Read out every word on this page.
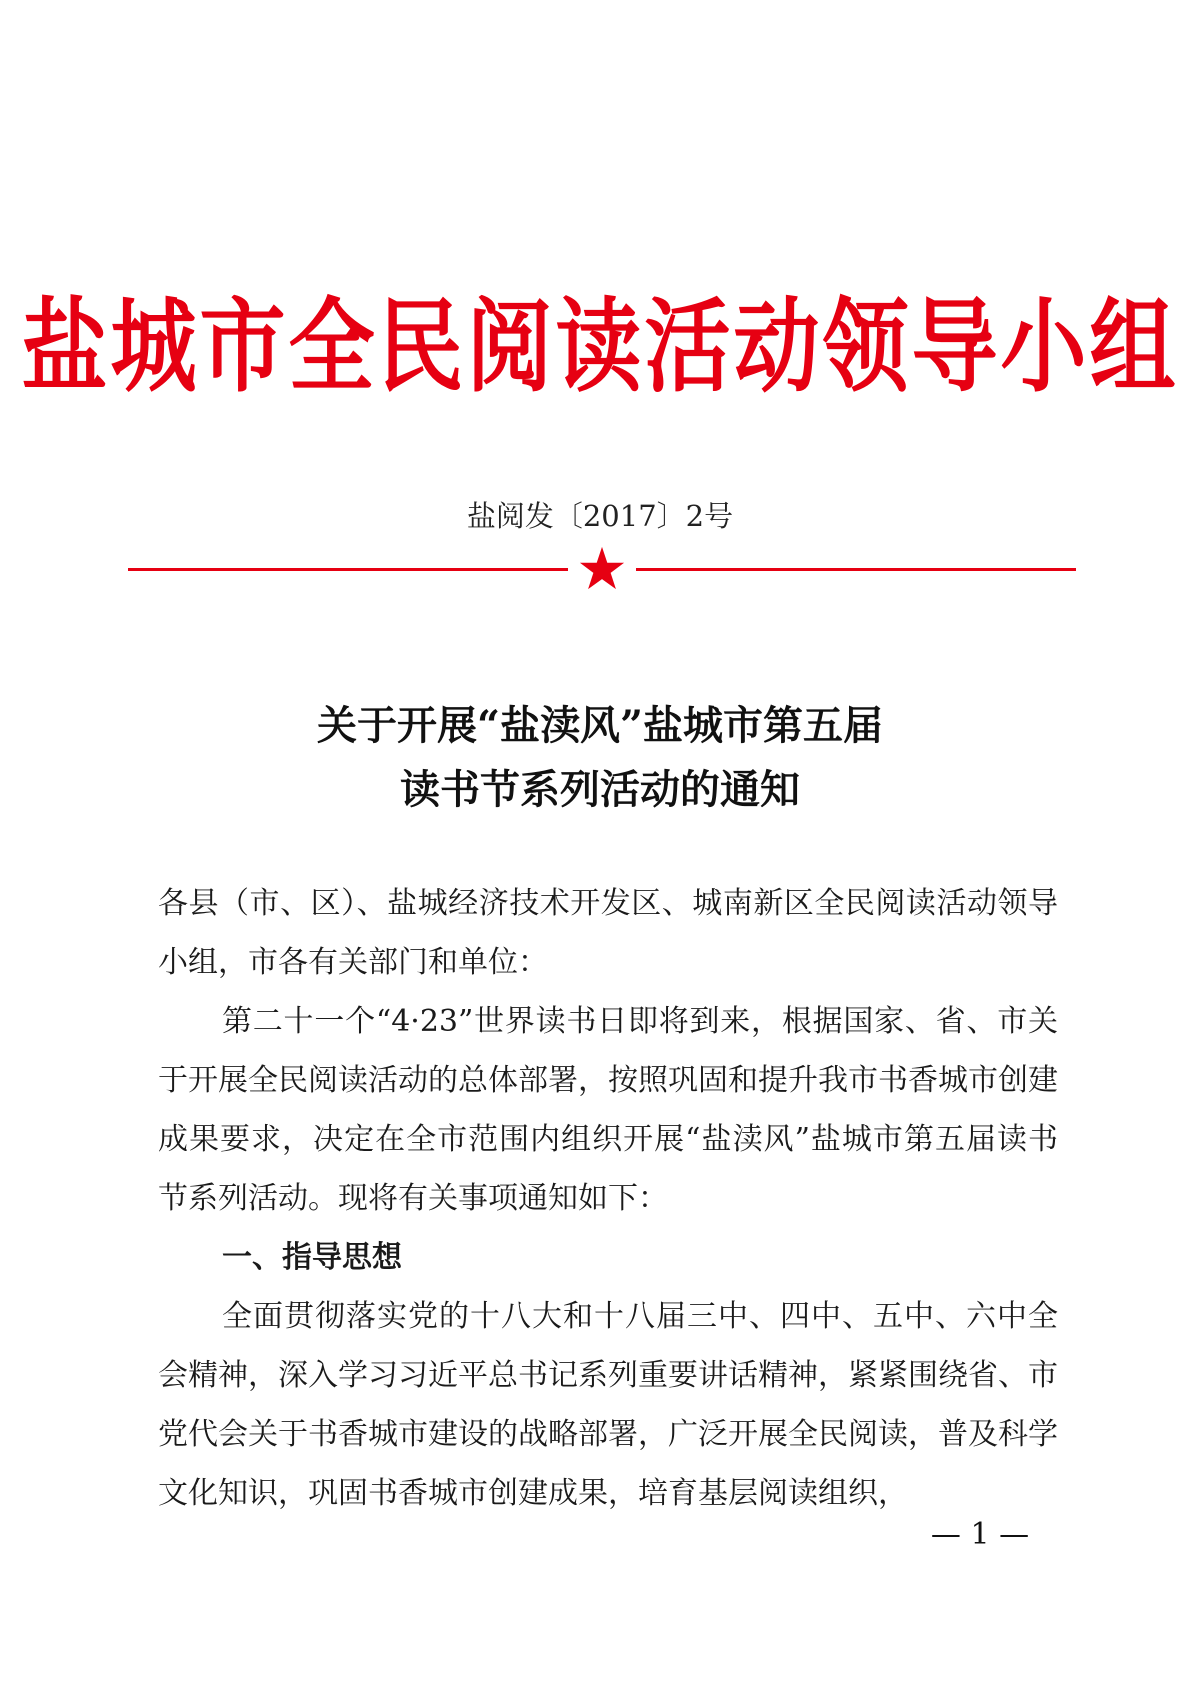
盐城市全民阅读活动领导小组
盐阅发〔2017〕2号
关于开展“盐渎风”盐城市第五届
读书节系列活动的通知

各县（市、区）、盐城经济技术开发区、城南新区全民阅读活动领导小组，市各有关部门和单位：

第二十一个“4·23”世界读书日即将到来，根据国家、省、市关于开展全民阅读活动的总体部署，按照巩固和提升我市书香城市创建成果要求，决定在全市范围内组织开展“盐渎风”盐城市第五届读书节系列活动。现将有关事项通知如下：

一、指导思想

全面贯彻落实党的十八大和十八届三中、四中、五中、六中全会精神，深入学习习近平总书记系列重要讲话精神，紧紧围绕省、市党代会关于书香城市建设的战略部署，广泛开展全民阅读，普及科学文化知识，巩固书香城市创建成果，培育基层阅读组织，

— 1 —
